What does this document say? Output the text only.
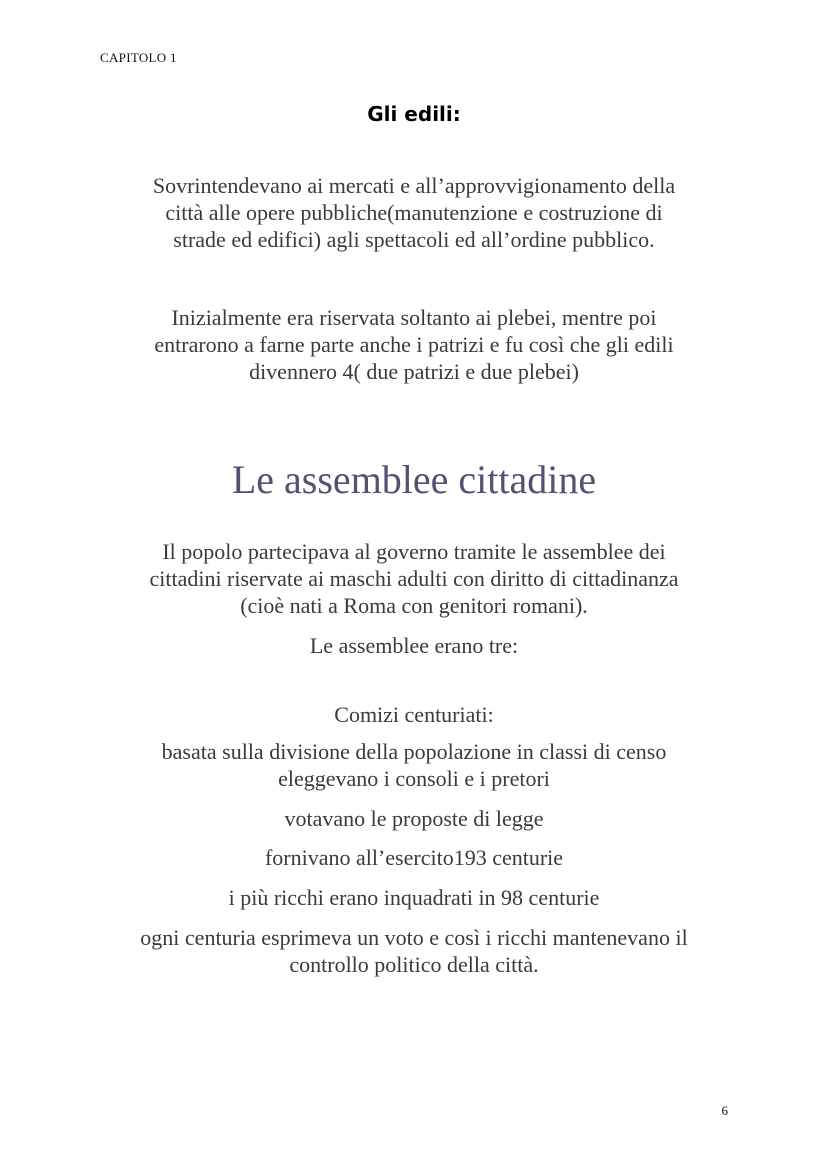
CAPITOLO 1
Gli edili:

Sovrintendevano ai mercati e all’approvvigionamento della

città alle opere pubbliche(manutenzione e costruzione di

strade ed edifici) agli spettacoli ed all’ordine pubblico.

Inizialmente era riservata soltanto ai plebei, mentre poi

entrarono a farne parte anche i patrizi e fu così che gli edili

divennero 4( due patrizi e due plebei)

Le assemblee cittadine

Il popolo partecipava al governo tramite le assemblee dei

cittadini riservate ai maschi adulti con diritto di cittadinanza

(cioè nati a Roma con genitori romani).

Le assemblee erano tre:
Comizi centuriati:

basata sulla divisione della popolazione in classi di censo

eleggevano i consoli e i pretori

votavano le proposte di legge
fornivano all’esercito193 centurie
i più ricchi erano inquadrati in 98 centurie

ogni centuria esprimeva un voto e così i ricchi mantenevano il

controllo politico della città.

6
